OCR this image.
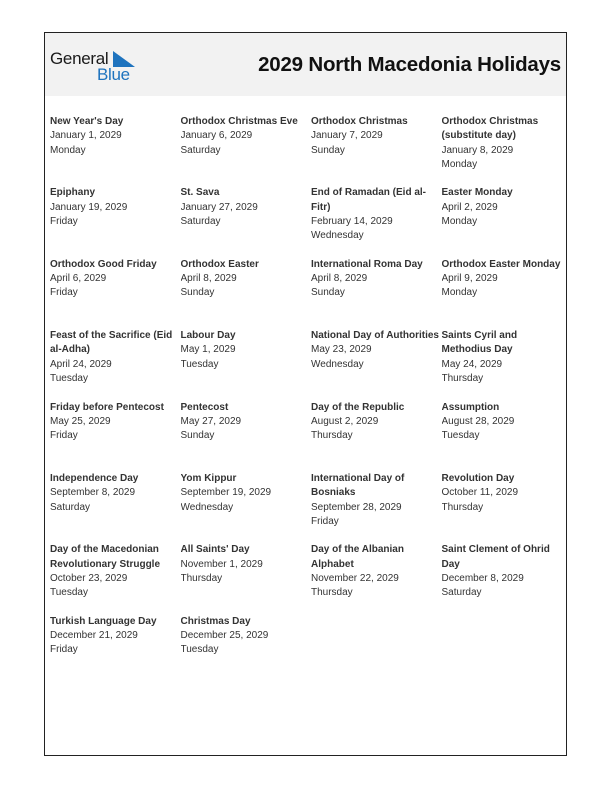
General
Blue	2029 North Macedonia Holidays
New Year's Day
January 1, 2029
Monday
Orthodox Christmas Eve
January 6, 2029
Saturday
Orthodox Christmas
January 7, 2029
Sunday
Orthodox Christmas (substitute day)
January 8, 2029
Monday
Epiphany
January 19, 2029
Friday
St. Sava
January 27, 2029
Saturday
End of Ramadan (Eid al-Fitr)
February 14, 2029
Wednesday
Easter Monday
April 2, 2029
Monday
Orthodox Good Friday
April 6, 2029
Friday
Orthodox Easter
April 8, 2029
Sunday
International Roma Day
April 8, 2029
Sunday
Orthodox Easter Monday
April 9, 2029
Monday
Feast of the Sacrifice (Eid al-Adha)
April 24, 2029
Tuesday
Labour Day
May 1, 2029
Tuesday
National Day of Authorities
May 23, 2029
Wednesday
Saints Cyril and Methodius Day
May 24, 2029
Thursday
Friday before Pentecost
May 25, 2029
Friday
Pentecost
May 27, 2029
Sunday
Day of the Republic
August 2, 2029
Thursday
Assumption
August 28, 2029
Tuesday
Independence Day
September 8, 2029
Saturday
Yom Kippur
September 19, 2029
Wednesday
International Day of Bosniaks
September 28, 2029
Friday
Revolution Day
October 11, 2029
Thursday
Day of the Macedonian Revolutionary Struggle
October 23, 2029
Tuesday
All Saints' Day
November 1, 2029
Thursday
Day of the Albanian Alphabet
November 22, 2029
Thursday
Saint Clement of Ohrid Day
December 8, 2029
Saturday
Turkish Language Day
December 21, 2029
Friday
Christmas Day
December 25, 2029
Tuesday
